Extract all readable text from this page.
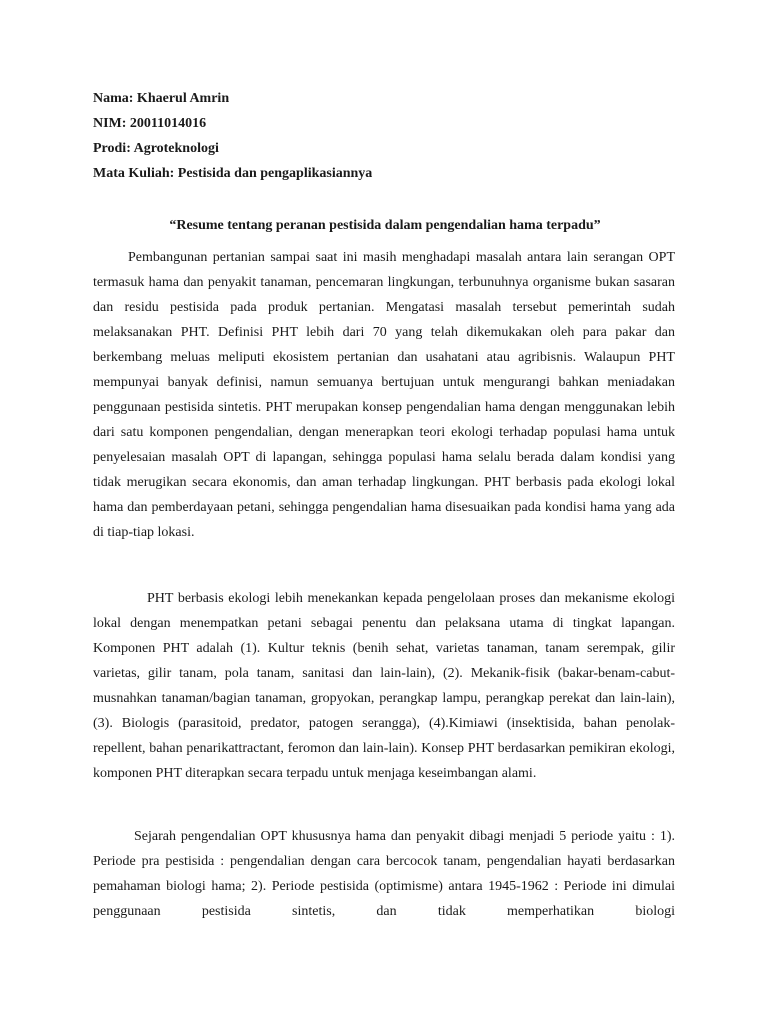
Nama: Khaerul Amrin
NIM: 20011014016
Prodi: Agroteknologi
Mata Kuliah: Pestisida dan pengaplikasiannya
“Resume tentang peranan pestisida dalam pengendalian hama terpadu”

Pembangunan pertanian sampai saat ini masih menghadapi masalah antara lain serangan OPT termasuk hama dan penyakit tanaman, pencemaran lingkungan, terbunuhnya organisme bukan sasaran dan residu pestisida pada produk pertanian. Mengatasi masalah tersebut pemerintah sudah melaksanakan PHT. Definisi PHT lebih dari 70 yang telah dikemukakan oleh para pakar dan berkembang meluas meliputi ekosistem pertanian dan usahatani atau agribisnis. Walaupun PHT mempunyai banyak definisi, namun semuanya bertujuan untuk mengurangi bahkan meniadakan penggunaan pestisida sintetis. PHT merupakan konsep pengendalian hama dengan menggunakan lebih dari satu komponen pengendalian, dengan menerapkan teori ekologi terhadap populasi hama untuk penyelesaian masalah OPT di lapangan, sehingga populasi hama selalu berada dalam kondisi yang tidak merugikan secara ekonomis, dan aman terhadap lingkungan. PHT berbasis pada ekologi lokal hama dan pemberdayaan petani, sehingga pengendalian hama disesuaikan pada kondisi hama yang ada di tiap-tiap lokasi.

PHT berbasis ekologi lebih menekankan kepada pengelolaan proses dan mekanisme ekologi lokal dengan menempatkan petani sebagai penentu dan pelaksana utama di tingkat lapangan. Komponen PHT adalah (1). Kultur teknis (benih sehat, varietas tanaman, tanam serempak, gilir varietas, gilir tanam, pola tanam, sanitasi dan lain-lain), (2). Mekanik-fisik (bakar-benam-cabut-musnahkan tanaman/bagian tanaman, gropyokan, perangkap lampu, perangkap perekat dan lain-lain), (3). Biologis (parasitoid, predator, patogen serangga), (4).Kimiawi (insektisida, bahan penolak-repellent, bahan penarikattractant, feromon dan lain-lain). Konsep PHT berdasarkan pemikiran ekologi, komponen PHT diterapkan secara terpadu untuk menjaga keseimbangan alami.

Sejarah pengendalian OPT khususnya hama dan penyakit dibagi menjadi 5 periode yaitu : 1). Periode pra pestisida : pengendalian dengan cara bercocok tanam, pengendalian hayati berdasarkan pemahaman biologi hama; 2). Periode pestisida (optimisme) antara 1945-1962 : Periode ini dimulai penggunaan pestisida sintetis, dan tidak memperhatikan biologi
